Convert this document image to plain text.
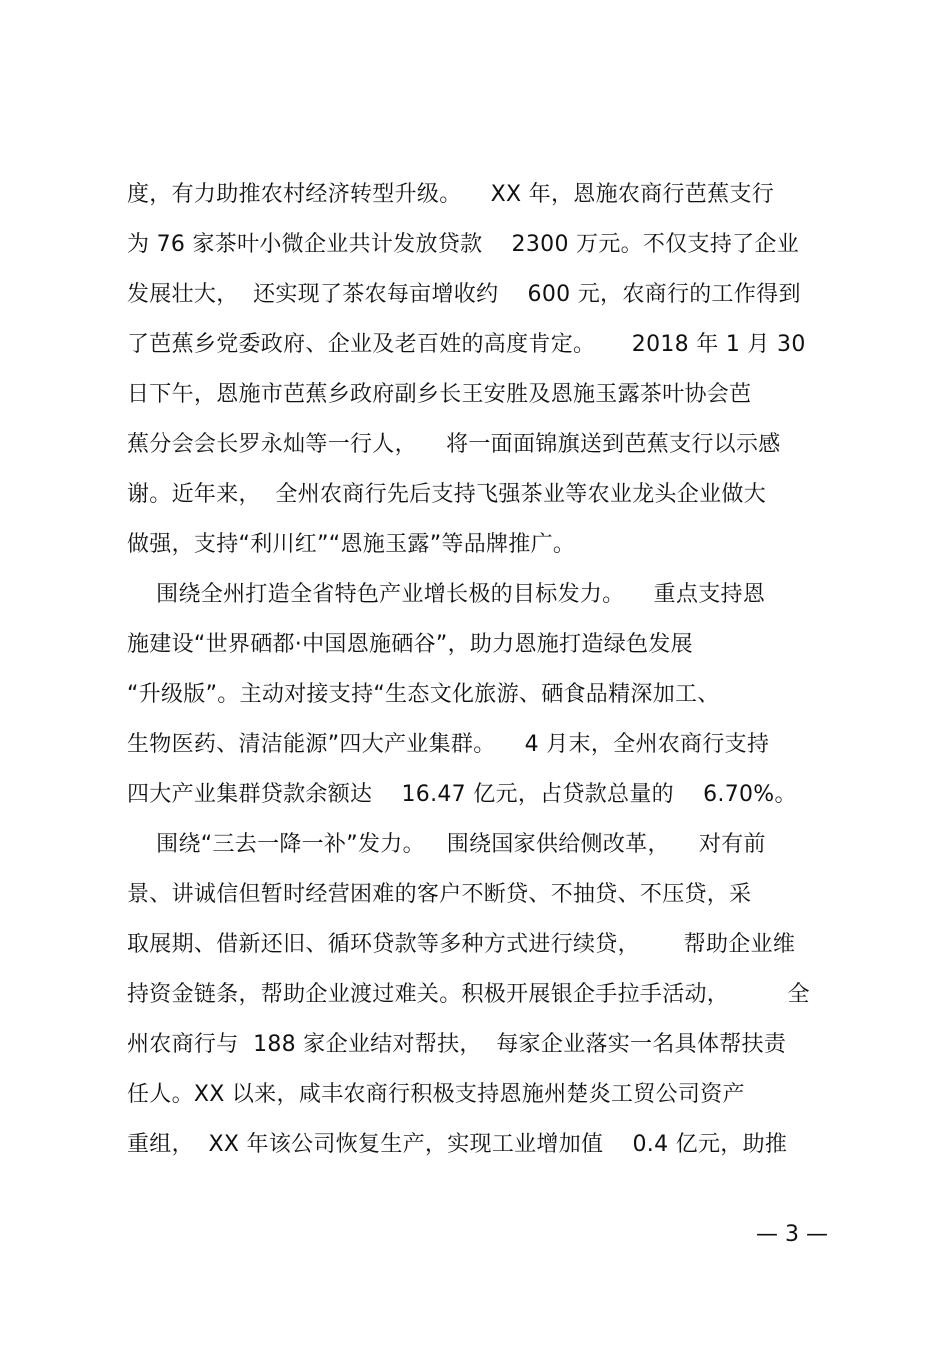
度，有力助推农村经济转型升级。    XX 年，恩施农商行芭蕉支行
为 76 家茶叶小微企业共计发放贷款    2300 万元。不仅支持了企业
发展壮大，  还实现了茶农每亩增收约    600 元，农商行的工作得到
了芭蕉乡党委政府、企业及老百姓的高度肯定。     2018 年 1 月 30
日下午，恩施市芭蕉乡政府副乡长王安胜及恩施玉露茶叶协会芭
蕉分会会长罗永灿等一行人，    将一面面锦旗送到芭蕉支行以示感
谢。近年来，  全州农商行先后支持飞强茶业等农业龙头企业做大
做强，支持“利川红”“恩施玉露”等品牌推广。
围绕全州打造全省特色产业增长极的目标发力。    重点支持恩
施建设“世界硒都·中国恩施硒谷”，助力恩施打造绿色发展
“升级版”。主动对接支持“生态文化旅游、硒食品精深加工、
生物医药、清洁能源”四大产业集群。    4 月末，全州农商行支持
四大产业集群贷款余额达    16.47 亿元，占贷款总量的    6.70%。
围绕“三去一降一补”发力。   围绕国家供给侧改革，    对有前
景、讲诚信但暂时经营困难的客户不断贷、不抽贷、不压贷，采
取展期、借新还旧、循环贷款等多种方式进行续贷，      帮助企业维
持资金链条，帮助企业渡过难关。积极开展银企手拉手活动，        全
州农商行与  188 家企业结对帮扶，  每家企业落实一名具体帮扶责
任人。XX 以来，咸丰农商行积极支持恩施州楚炎工贸公司资产
重组，  XX 年该公司恢复生产，实现工业增加值    0.4 亿元，助推
— 3 —
